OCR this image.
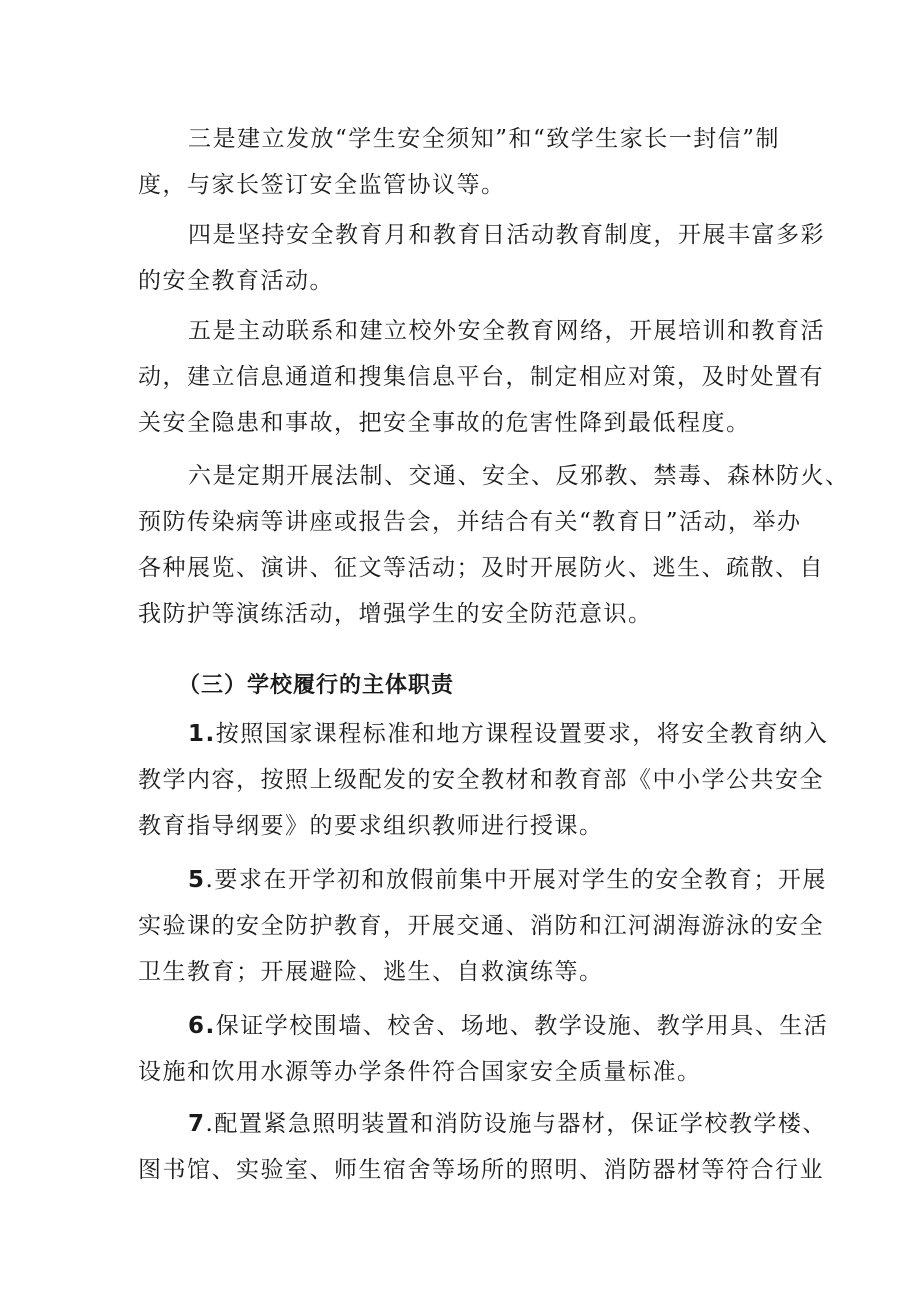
三是建立发放“学生安全须知”和“致学生家长一封信”制
度，与家长签订安全监管协议等。

四是坚持安全教育月和教育日活动教育制度，开展丰富多彩
的安全教育活动。

五是主动联系和建立校外安全教育网络，开展培训和教育活
动，建立信息通道和搜集信息平台，制定相应对策，及时处置有
关安全隐患和事故，把安全事故的危害性降到最低程度。

六是定期开展法制、交通、安全、反邪教、禁毒、森林防火、
预防传染病等讲座或报告会，并结合有关“教育日”活动，举办
各种展览、演讲、征文等活动；及时开展防火、逃生、疏散、自
我防护等演练活动，增强学生的安全防范意识。

（三）学校履行的主体职责

1.按照国家课程标准和地方课程设置要求，将安全教育纳入
教学内容，按照上级配发的安全教材和教育部《中小学公共安全
教育指导纲要》的要求组织教师进行授课。

5.要求在开学初和放假前集中开展对学生的安全教育；开展
实验课的安全防护教育，开展交通、消防和江河湖海游泳的安全
卫生教育；开展避险、逃生、自救演练等。

6.保证学校围墙、校舍、场地、教学设施、教学用具、生活
设施和饮用水源等办学条件符合国家安全质量标准。

7.配置紧急照明装置和消防设施与器材，保证学校教学楼、
图书馆、实验室、师生宿舍等场所的照明、消防器材等符合行业
